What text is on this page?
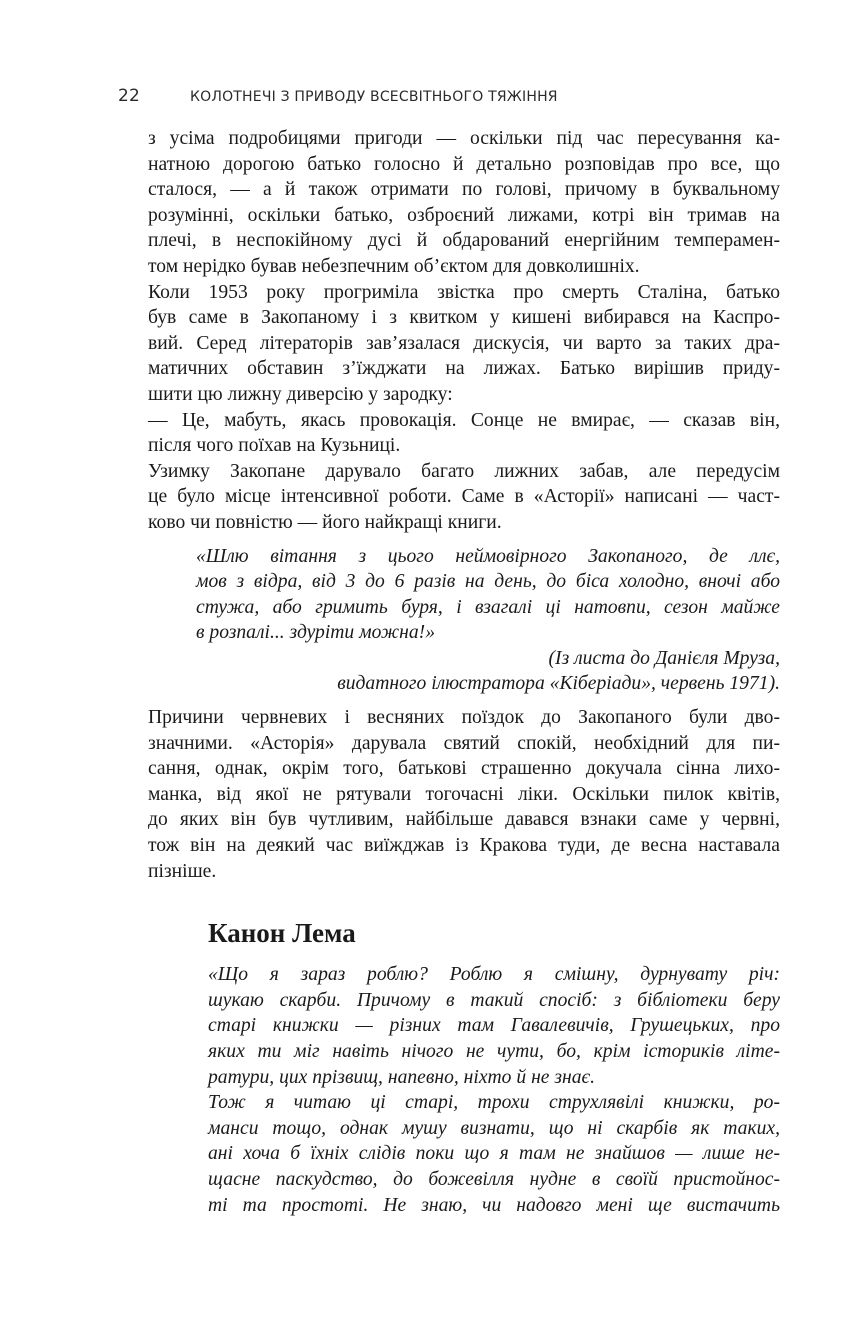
22	КОЛОТНЕЧІ З ПРИВОДУ ВСЕСВІТНЬОГО ТЯЖІННЯ
з усіма подробицями пригоди — оскільки під час пересування ка-
натною дорогою батько голосно й детально розповідав про все, що
сталося, — а й також отримати по голові, причому в буквальному
розумінні, оскільки батько, озброєний лижами, котрі він тримав на
плечі, в неспокійному дусі й обдарований енергійним темперамен-
том нерідко бував небезпечним об’єктом для довколишніх.
Коли 1953 року прогриміла звістка про смерть Сталіна, батько
був саме в Закопаному і з квитком у кишені вибирався на Каспро-
вий. Серед літераторів зав’язалася дискусія, чи варто за таких дра-
матичних обставин з’їжджати на лижах. Батько вирішив приду-
шити цю лижну диверсію у зародку:
— Це, мабуть, якась провокація. Сонце не вмирає, — сказав він,
після чого поїхав на Кузьниці.
Узимку Закопане дарувало багато лижних забав, але передусім
це було місце інтенсивної роботи. Саме в «Асторії» написані — част-
ково чи повністю — його найкращі книги.
«Шлю вітання з цього неймовірного Закопаного, де ллє,
мов з відра, від 3 до 6 разів на день, до біса холодно, вночі або
стужа, або гримить буря, і взагалі ці натовпи, сезон майже
в розпалі... здуріти можна!»
(Із листа до Данієля Мруза,
видатного ілюстратора «Кіберіади», червень 1971).
Причини червневих і весняних поїздок до Закопаного були дво-
значними. «Асторія» дарувала святий спокій, необхідний для пи-
сання, однак, окрім того, батькові страшенно докучала сінна лихо-
манка, від якої не рятували тогочасні ліки. Оскільки пилок квітів,
до яких він був чутливим, найбільше давався взнаки саме у червні,
тож він на деякий час виїжджав із Кракова туди, де весна наставала
пізніше.
Канон Лема
«Що я зараз роблю? Роблю я смішну, дурнувату річ:
шукаю скарби. Причому в такий спосіб: з бібліотеки беру
старі книжки — різних там Гавалевичів, Грушецьких, про
яких ти міг навіть нічого не чути, бо, крім істориків літе-
ратури, цих прізвищ, напевно, ніхто й не знає.
Тож я читаю ці старі, трохи струхлявілі книжки, ро-
манси тощо, однак мушу визнати, що ні скарбів як таких,
ані хоча б їхніх слідів поки що я там не знайшов — лише не-
щасне паскудство, до божевілля нудне в своїй пристойнос-
ті та простоті. Не знаю, чи надовго мені ще вистачить
